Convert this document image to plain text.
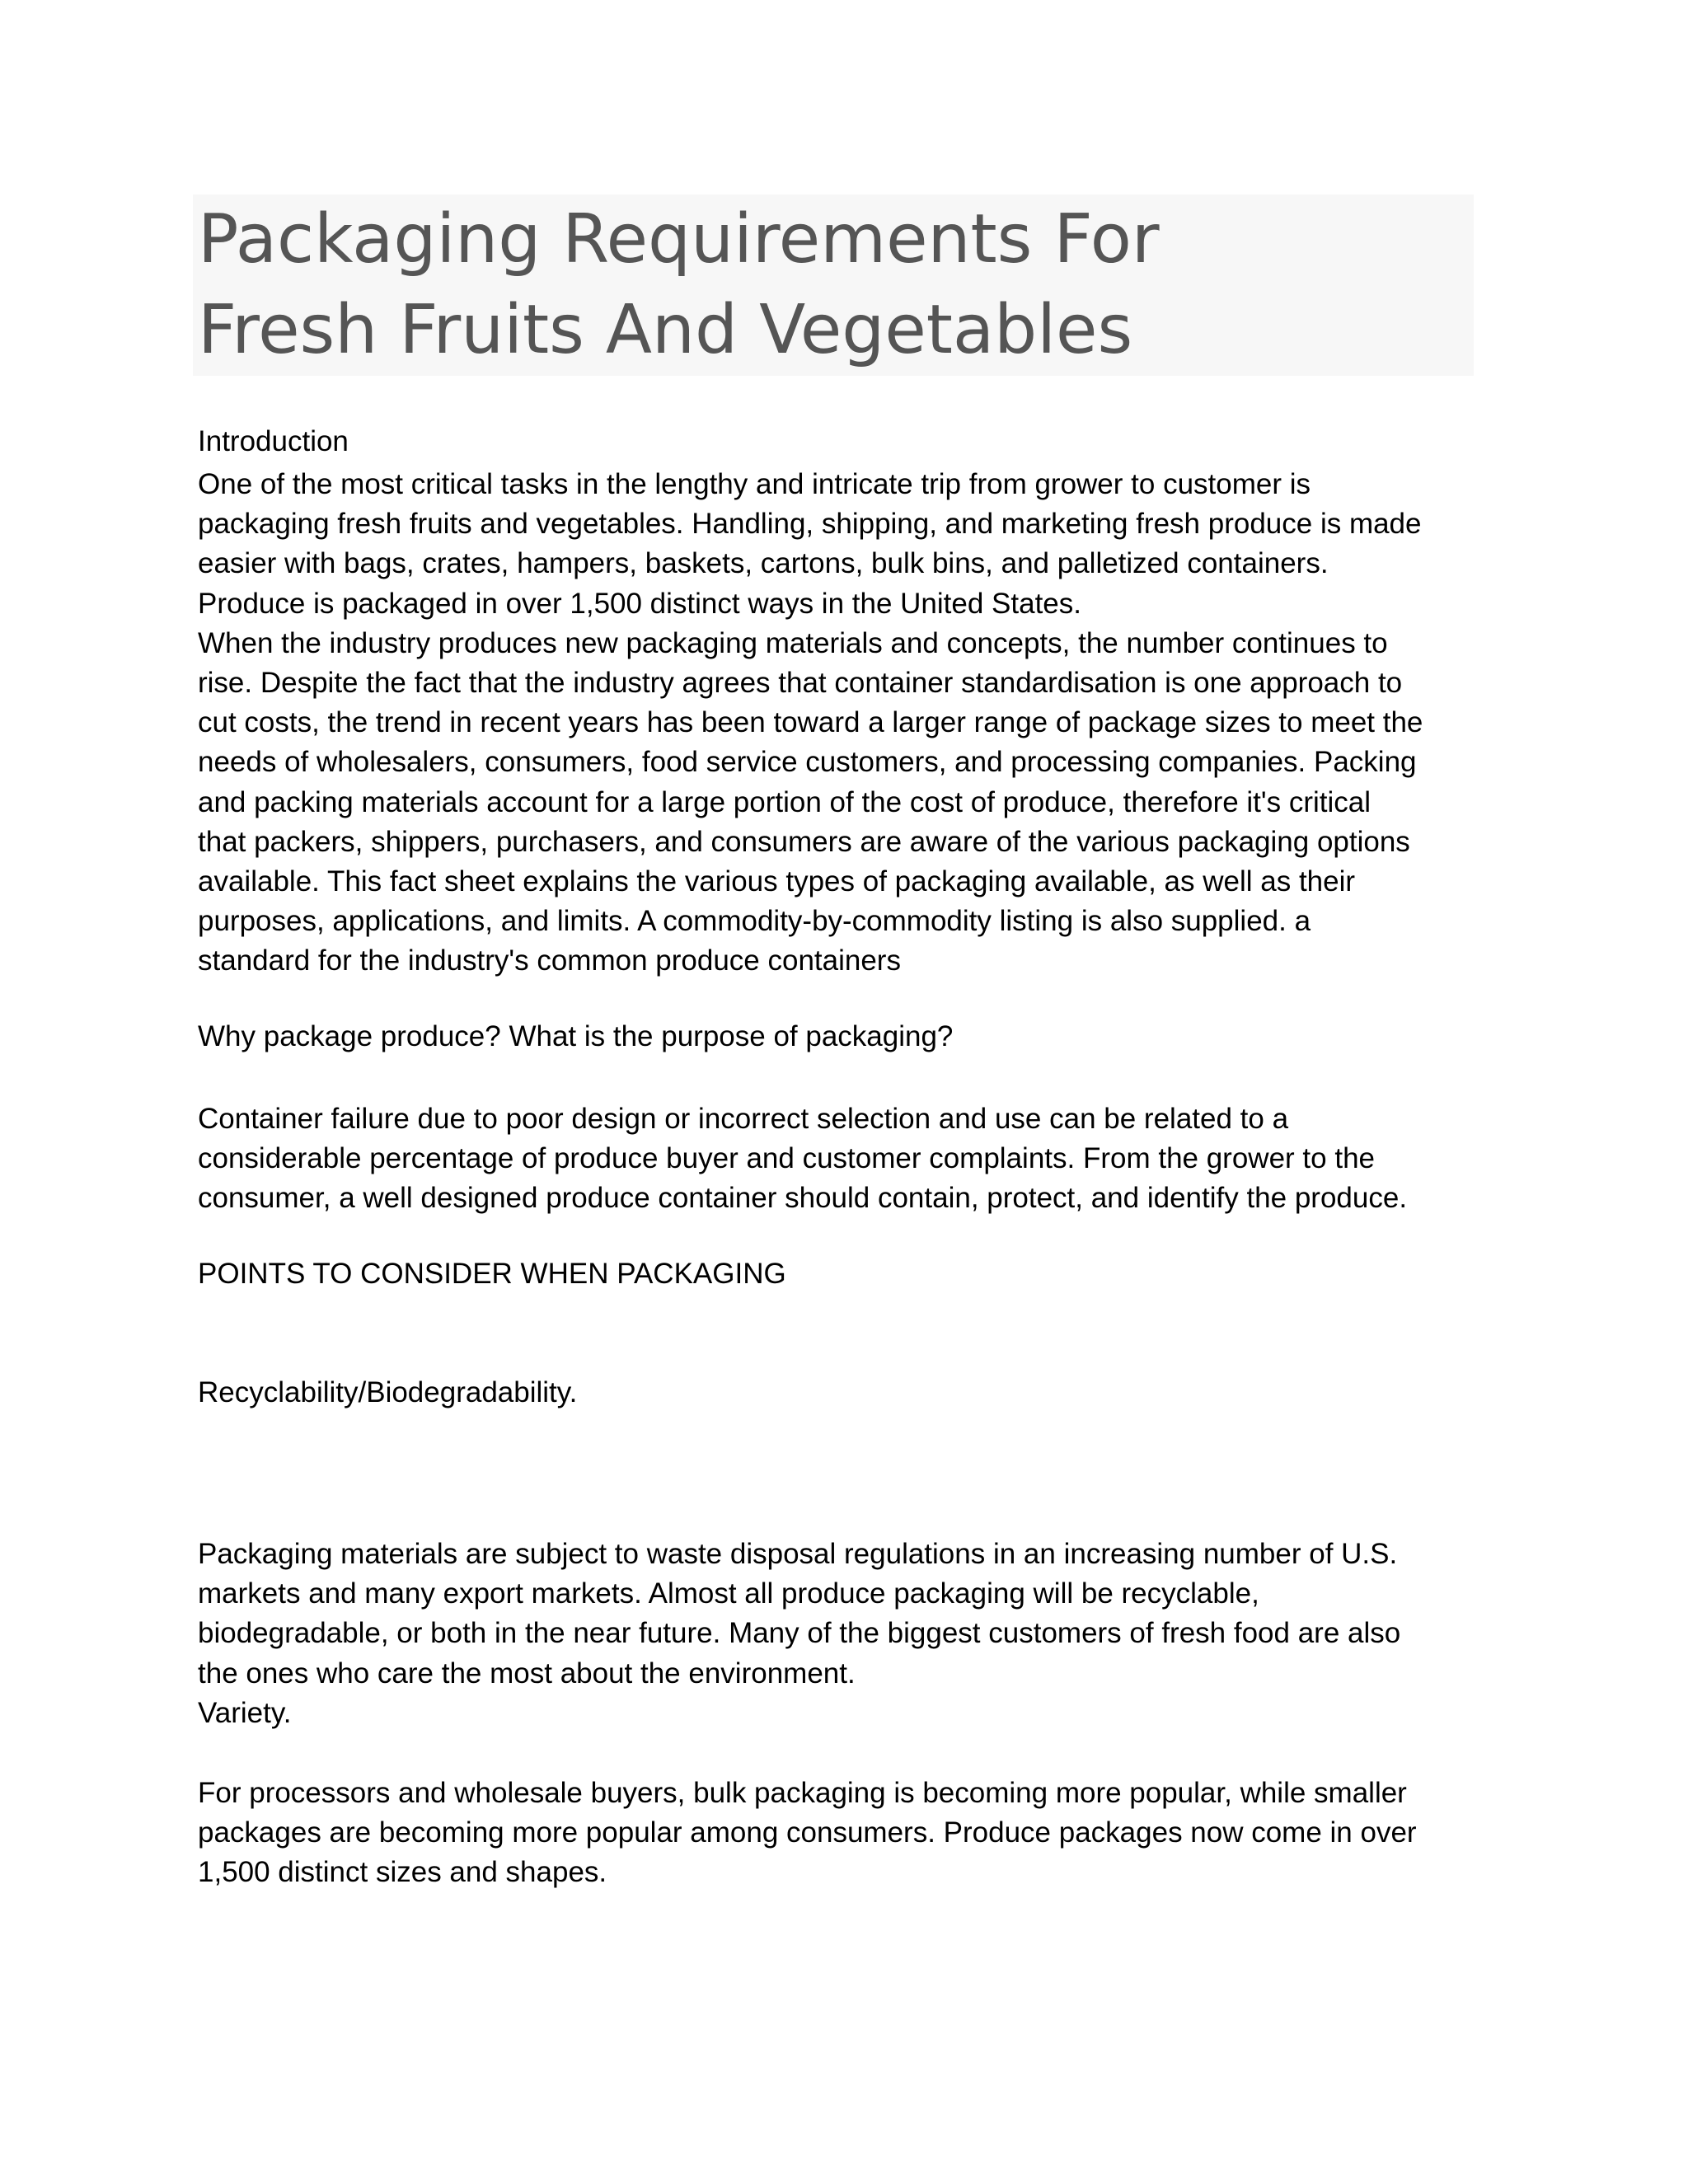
Packaging Requirements For
Fresh Fruits And Vegetables

Introduction

One of the most critical tasks in the lengthy and intricate trip from grower to customer is
packaging fresh fruits and vegetables. Handling, shipping, and marketing fresh produce is made
easier with bags, crates, hampers, baskets, cartons, bulk bins, and palletized containers.
Produce is packaged in over 1,500 distinct ways in the United States.
When the industry produces new packaging materials and concepts, the number continues to
rise. Despite the fact that the industry agrees that container standardisation is one approach to
cut costs, the trend in recent years has been toward a larger range of package sizes to meet the
needs of wholesalers, consumers, food service customers, and processing companies. Packing
and packing materials account for a large portion of the cost of produce, therefore it's critical
that packers, shippers, purchasers, and consumers are aware of the various packaging options
available. This fact sheet explains the various types of packaging available, as well as their
purposes, applications, and limits. A commodity-by-commodity listing is also supplied. a
standard for the industry's common produce containers

Why package produce? What is the purpose of packaging?

Container failure due to poor design or incorrect selection and use can be related to a
considerable percentage of produce buyer and customer complaints. From the grower to the
consumer, a well designed produce container should contain, protect, and identify the produce.

POINTS TO CONSIDER WHEN PACKAGING

Recyclability/Biodegradability.

Packaging materials are subject to waste disposal regulations in an increasing number of U.S.
markets and many export markets. Almost all produce packaging will be recyclable,
biodegradable, or both in the near future. Many of the biggest customers of fresh food are also
the ones who care the most about the environment.
Variety.
For processors and wholesale buyers, bulk packaging is becoming more popular, while smaller
packages are becoming more popular among consumers. Produce packages now come in over
1,500 distinct sizes and shapes.
